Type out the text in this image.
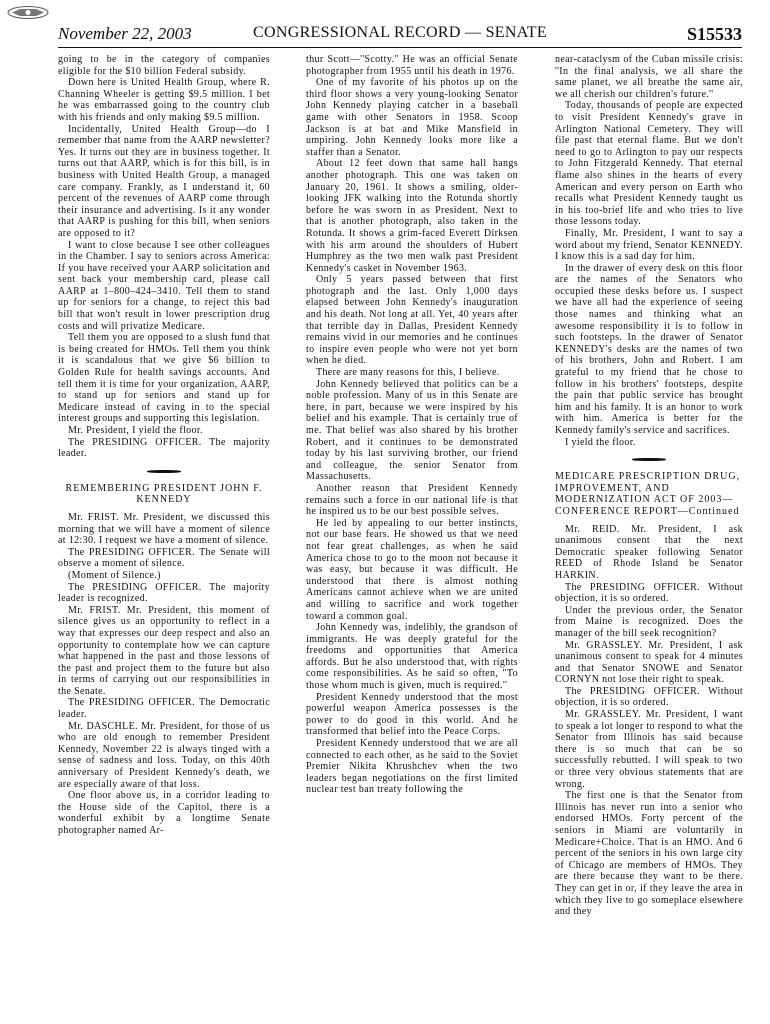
November 22, 2003	CONGRESSIONAL RECORD — SENATE	S15533

going to be in the category of companies eligible for the $10 billion Federal subsidy.

Down here is United Health Group, where R. Channing Wheeler is getting $9.5 million. I bet he was embarrassed going to the country club with his friends and only making $9.5 million.

Incidentally, United Health Group—do I remember that name from the AARP newsletter? Yes. It turns out they are in business together. It turns out that AARP, which is for this bill, is in business with United Health Group, a managed care company. Frankly, as I understand it, 60 percent of the revenues of AARP come through their insurance and advertising. Is it any wonder that AARP is pushing for this bill, when seniors are opposed to it?

I want to close because I see other colleagues in the Chamber. I say to seniors across America: If you have received your AARP solicitation and sent back your membership card, please call AARP at 1–800–424–3410. Tell them to stand up for seniors for a change, to reject this bad bill that won't result in lower prescription drug costs and will privatize Medicare.

Tell them you are opposed to a slush fund that is being created for HMOs. Tell them you think it is scandalous that we give $6 billion to Golden Rule for health savings accounts. And tell them it is time for your organization, AARP, to stand up for seniors and stand up for Medicare instead of caving in to the special interest groups and supporting this legislation.

Mr. President, I yield the floor.

The PRESIDING OFFICER. The majority leader.

REMEMBERING PRESIDENT JOHN F. KENNEDY

Mr. FRIST. Mr. President, we discussed this morning that we will have a moment of silence at 12:30. I request we have a moment of silence.

The PRESIDING OFFICER. The Senate will observe a moment of silence.

(Moment of Silence.)

The PRESIDING OFFICER. The majority leader is recognized.

Mr. FRIST. Mr. President, this moment of silence gives us an opportunity to reflect in a way that expresses our deep respect and also an opportunity to contemplate how we can capture what happened in the past and those lessons of the past and project them to the future but also in terms of carrying out our responsibilities in the Senate.

The PRESIDING OFFICER. The Democratic leader.

Mr. DASCHLE. Mr. President, for those of us who are old enough to remember President Kennedy, November 22 is always tinged with a sense of sadness and loss. Today, on this 40th anniversary of President Kennedy's death, we are especially aware of that loss.

One floor above us, in a corridor leading to the House side of the Capitol, there is a wonderful exhibit by a longtime Senate photographer named Ar-

thur Scott—''Scotty.'' He was an official Senate photographer from 1955 until his death in 1976.

One of my favorite of his photos up on the third floor shows a very young-looking Senator John Kennedy playing catcher in a baseball game with other Senators in 1958. Scoop Jackson is at bat and Mike Mansfield in umpiring. John Kennedy looks more like a staffer than a Senator.

About 12 feet down that same hall hangs another photograph. This one was taken on January 20, 1961. It shows a smiling, older-looking JFK walking into the Rotunda shortly before he was sworn in as President. Next to that is another photograph, also taken in the Rotunda. It shows a grim-faced Everett Dirksen with his arm around the shoulders of Hubert Humphrey as the two men walk past President Kennedy's casket in November 1963.

Only 5 years passed between that first photograph and the last. Only 1,000 days elapsed between John Kennedy's inauguration and his death. Not long at all. Yet, 40 years after that terrible day in Dallas, President Kennedy remains vivid in our memories and he continues to inspire even people who were not yet born when he died.

There are many reasons for this, I believe.

John Kennedy believed that politics can be a noble profession. Many of us in this Senate are here, in part, because we were inspired by his belief and his example. That is certainly true of me. That belief was also shared by his brother Robert, and it continues to be demonstrated today by his last surviving brother, our friend and colleague, the senior Senator from Massachusetts.

Another reason that President Kennedy remains such a force in our national life is that he inspired us to be our best possible selves.

He led by appealing to our better instincts, not our base fears. He showed us that we need not fear great challenges, as when he said America chose to go to the moon not because it was easy, but because it was difficult. He understood that there is almost nothing Americans cannot achieve when we are united and willing to sacrifice and work together toward a common goal.

John Kennedy was, indelibly, the grandson of immigrants. He was deeply grateful for the freedoms and opportunities that America affords. But he also understood that, with rights come responsibilities. As he said so often, ''To those whom much is given, much is required.''

President Kennedy understood that the most powerful weapon America possesses is the power to do good in this world. And he transformed that belief into the Peace Corps.

President Kennedy understood that we are all connected to each other, as he said to the Soviet Premier Nikita Khrushchev when the two leaders began negotiations on the first limited nuclear test ban treaty following the

near-cataclysm of the Cuban missile crisis: ''In the final analysis, we all share the same planet, we all breathe the same air, we all cherish our children's future.''

Today, thousands of people are expected to visit President Kennedy's grave in Arlington National Cemetery. They will file past that eternal flame. But we don't need to go to Arlington to pay our respects to John Fitzgerald Kennedy. That eternal flame also shines in the hearts of every American and every person on Earth who recalls what President Kennedy taught us in his too-brief life and who tries to live those lessons today.

Finally, Mr. President, I want to say a word about my friend, Senator KENNEDY. I know this is a sad day for him.

In the drawer of every desk on this floor are the names of the Senators who occupied these desks before us. I suspect we have all had the experience of seeing those names and thinking what an awesome responsibility it is to follow in such footsteps. In the drawer of Senator KENNEDY's desks are the names of two of his brothers, John and Robert. I am grateful to my friend that he chose to follow in his brothers' footsteps, despite the pain that public service has brought him and his family. It is an honor to work with him. America is better for the Kennedy family's service and sacrifices.

I yield the floor.

MEDICARE PRESCRIPTION DRUG, IMPROVEMENT, AND MODERNIZATION ACT OF 2003—CONFERENCE REPORT—Continued

Mr. REID. Mr. President, I ask unanimous consent that the next Democratic speaker following Senator REED of Rhode Island be Senator HARKIN.

The PRESIDING OFFICER. Without objection, it is so ordered.

Under the previous order, the Senator from Maine is recognized. Does the manager of the bill seek recognition?

Mr. GRASSLEY. Mr. President, I ask unanimous consent to speak for 4 minutes and that Senator SNOWE and Senator CORNYN not lose their right to speak.

The PRESIDING OFFICER. Without objection, it is so ordered.

Mr. GRASSLEY. Mr. President, I want to speak a lot longer to respond to what the Senator from Illinois has said because there is so much that can be so successfully rebutted. I will speak to two or three very obvious statements that are wrong.

The first one is that the Senator from Illinois has never run into a senior who endorsed HMOs. Forty percent of the seniors in Miami are voluntarily in Medicare+Choice. That is an HMO. And 6 percent of the seniors in his own large city of Chicago are members of HMOs. They are there because they want to be there. They can get in or, if they leave the area in which they live to go someplace elsewhere and they
